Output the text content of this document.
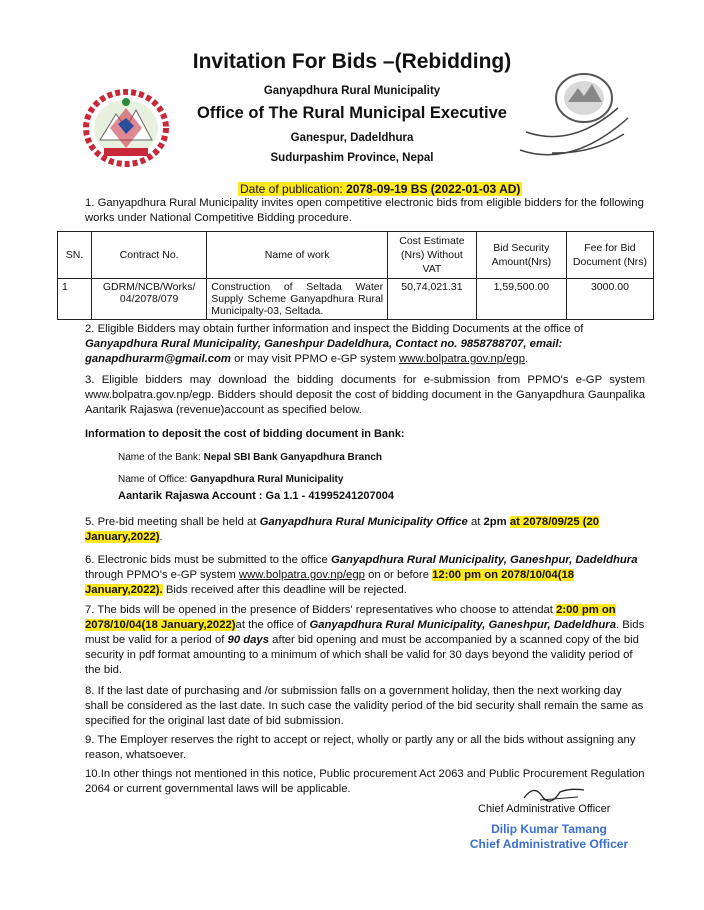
Invitation For Bids –(Rebidding)
Ganyapdhura Rural Municipality
Office of The Rural Municipal Executive
Ganespur, Dadeldhura
Sudurpashim Province, Nepal
Date of publication: 2078-09-19 BS (2022-01-03 AD)
1. Ganyapdhura Rural Municipality invites open competitive electronic bids from eligible bidders for the following works under National Competitive Bidding procedure.
SN.	Contract No.	Name of work	Cost Estimate (Nrs) Without VAT	Bid Security Amount(Nrs)	Fee for Bid Document (Nrs)
1	GDRM/NCB/Works/ 04/2078/079	Construction of Seltada Water Supply Scheme Ganyapdhura Rural Municipalty-03, Seltada.	50,74,021.31	1,59,500.00	3000.00
2. Eligible Bidders may obtain further information and inspect the Bidding Documents at the office of Ganyapdhura Rural Municipality, Ganeshpur Dadeldhura, Contact no. 9858788707, email: ganapdhurarm@gmail.com or may visit PPMO e-GP system www.bolpatra.gov.np/egp.
3. Eligible bidders may download the bidding documents for e-submission from PPMO's e-GP system www.bolpatra.gov.np/egp. Bidders should deposit the cost of bidding document in the Ganyapdhura Gaunpalika Aantarik Rajaswa (revenue)account as specified below.
Information to deposit the cost of bidding document in Bank:
Name of the Bank: Nepal SBI Bank Ganyapdhura Branch
Name of Office: Ganyapdhura Rural Municipality
Aantarik Rajaswa Account : Ga 1.1 - 41995241207004
5. Pre-bid meeting shall be held at Ganyapdhura Rural Municipality Office at 2pm at 2078/09/25 (20 January,2022).
6. Electronic bids must be submitted to the office Ganyapdhura Rural Municipality, Ganeshpur, Dadeldhura through PPMO's e-GP system www.bolpatra.gov.np/egp on or before 12:00 pm on 2078/10/04(18 January,2022). Bids received after this deadline will be rejected.
7. The bids will be opened in the presence of Bidders' representatives who choose to attendat 2:00 pm on 2078/10/04(18 January,2022)at the office of Ganyapdhura Rural Municipality, Ganeshpur, Dadeldhura. Bids must be valid for a period of 90 days after bid opening and must be accompanied by a scanned copy of the bid security in pdf format amounting to a minimum of which shall be valid for 30 days beyond the validity period of the bid.
8. If the last date of purchasing and /or submission falls on a government holiday, then the next working day shall be considered as the last date. In such case the validity period of the bid security shall remain the same as specified for the original last date of bid submission.
9. The Employer reserves the right to accept or reject, wholly or partly any or all the bids without assigning any reason, whatsoever.
10.In other things not mentioned in this notice, Public procurement Act 2063 and Public Procurement Regulation 2064 or current governmental laws will be applicable.
Chief Administrative Officer
Dilip Kumar Tamang
Chief Administrative Officer
